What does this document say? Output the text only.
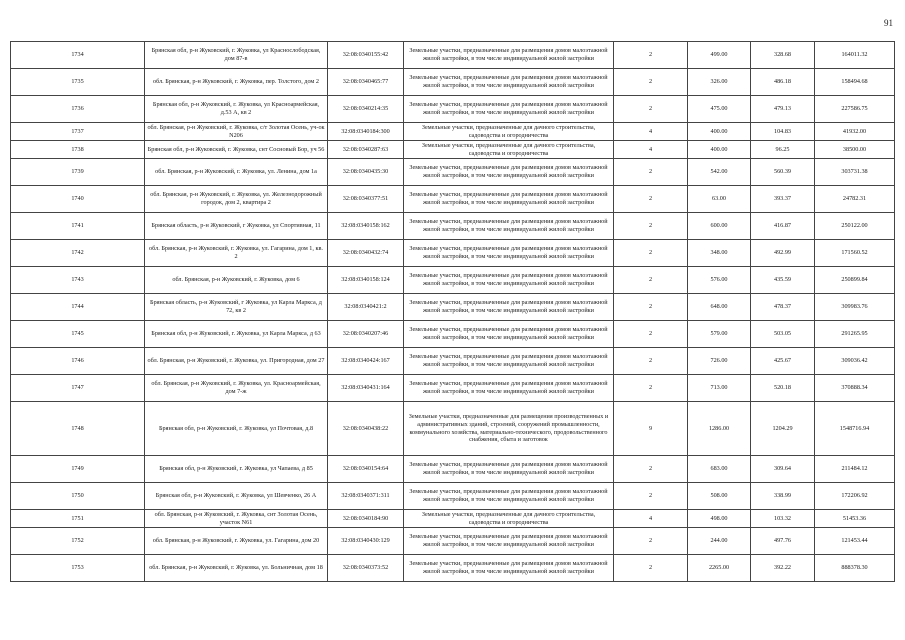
91
1734	Брянская обл, р-н Жуковский, г. Жуковка, ул Краснослободская, дом 87-в	32:08:0340155:42	Земельные участки, предназначенные для размещения домов малоэтажной жилой застройки, в том числе индивидуальной жилой застройки	2	499.00	328.68	164011.32
1735	обл. Брянская, р-н Жуковский, г. Жуковка, пер. Толстого, дом 2	32:08:0340465:77	Земельные участки, предназначенные для размещения домов малоэтажной жилой застройки, в том числе индивидуальной жилой застройки	2	326.00	486.18	158494.68
1736	Брянская обл, р-н Жуковский, г. Жуковка, ул Красноармейская, д.53 А, кв 2	32:08:0340214:35	Земельные участки, предназначенные для размещения домов малоэтажной жилой застройки, в том числе индивидуальной жилой застройки	2	475.00	479.13	227586.75
1737	обл. Брянская, р-н Жуковский, г. Жуковка, с/т Золотая Осень, уч-ок N206	32:08:0340184:300	Земельные участки, предназначенные для дачного строительства, садоводства и огородничества	4	400.00	104.83	41932.00
1738	Брянская обл, р-н Жуковский, г. Жуковка, снт Сосновый Бор, уч 56	32:08:0340287:63	Земельные участки, предназначенные для дачного строительства, садоводства и огородничества	4	400.00	96.25	38500.00
1739	обл. Брянская, р-н Жуковский, г. Жуковка, ул. Ленина, дом 1а	32:08:0340435:30	Земельные участки, предназначенные для размещения домов малоэтажной жилой застройки, в том числе индивидуальной жилой застройки	2	542.00	560.39	303731.38
1740	обл. Брянская, р-н Жуковский, г. Жуковка, ул. Железнодорожный городок, дом 2, квартира 2	32:08:0340377:51	Земельные участки, предназначенные для размещения домов малоэтажной жилой застройки, в том числе индивидуальной жилой застройки	2	63.00	393.37	24782.31
1741	Брянская область, р-н Жуковский, г Жуковка, ул Спортивная, 11	32:08:0340158:162	Земельные участки, предназначенные для размещения домов малоэтажной жилой застройки, в том числе индивидуальной жилой застройки	2	600.00	416.87	250122.00
1742	обл. Брянская, р-н Жуковский, г. Жуковка, ул. Гагарина, дом 1, кв. 2	32:08:0340432:74	Земельные участки, предназначенные для размещения домов малоэтажной жилой застройки, в том числе индивидуальной жилой застройки	2	348.00	492.99	171560.52
1743	обл. Брянская, р-н Жуковский, г. Жуковка, дом 6	32:08:0340158:124	Земельные участки, предназначенные для размещения домов малоэтажной жилой застройки, в том числе индивидуальной жилой застройки	2	576.00	435.59	250899.84
1744	Брянская область, р-н Жуковский, г Жуковка, ул Карла Маркса, д 72, кв 2	32:08:0340421:2	Земельные участки, предназначенные для размещения домов малоэтажной жилой застройки, в том числе индивидуальной жилой застройки	2	648.00	478.37	309983.76
1745	Брянская обл, р-н Жуковский, г. Жуковка, ул Карла Маркса, д 63	32:08:0340207:46	Земельные участки, предназначенные для размещения домов малоэтажной жилой застройки, в том числе индивидуальной жилой застройки	2	579.00	503.05	291265.95
1746	обл. Брянская, р-н Жуковский, г. Жуковка, ул. Пригородная, дом 27	32:08:0340424:167	Земельные участки, предназначенные для размещения домов малоэтажной жилой застройки, в том числе индивидуальной жилой застройки	2	726.00	425.67	309036.42
1747	обл. Брянская, р-н Жуковский, г. Жуковка, ул. Красноармейская, дом 7-ж	32:08:0340431:164	Земельные участки, предназначенные для размещения домов малоэтажной жилой застройки, в том числе индивидуальной жилой застройки	2	713.00	520.18	370888.34
1748	Брянская обл, р-н Жуковский, г. Жуковка, ул Почтовая, д.8	32:08:0340438:22	Земельные участки, предназначенные для размещения производственных и административных зданий, строений, сооружений промышленности, коммунального хозяйства, материально-технического, продовольственного снабжения, сбыта и заготовок	9	1286.00	1204.29	1548716.94
1749	Брянская обл, р-н Жуковский, г. Жуковка, ул Чапаева, д 85	32:08:0340154:64	Земельные участки, предназначенные для размещения домов малоэтажной жилой застройки, в том числе индивидуальной жилой застройки	2	683.00	309.64	211484.12
1750	Брянская обл, р-н Жуковский, г. Жуковка, ул Шевченко, 26 А	32:08:0340371:311	Земельные участки, предназначенные для размещения домов малоэтажной жилой застройки, в том числе индивидуальной жилой застройки	2	508.00	338.99	172206.92
1751	обл. Брянская, р-н Жуковский, г. Жуковка, снт Золотая Осень, участок N61	32:08:0340184:90	Земельные участки, предназначенные для дачного строительства, садоводства и огородничества	4	498.00	103.32	51453.36
1752	обл. Брянская, р-н Жуковский, г. Жуковка, ул. Гагарина, дом 20	32:08:0340430:129	Земельные участки, предназначенные для размещения домов малоэтажной жилой застройки, в том числе индивидуальной жилой застройки	2	244.00	497.76	121453.44
1753	обл. Брянская, р-н Жуковский, г. Жуковка, ул. Больничная, дом 18	32:08:0340373:52	Земельные участки, предназначенные для размещения домов малоэтажной жилой застройки, в том числе индивидуальной жилой застройки	2	2265.00	392.22	888378.30
